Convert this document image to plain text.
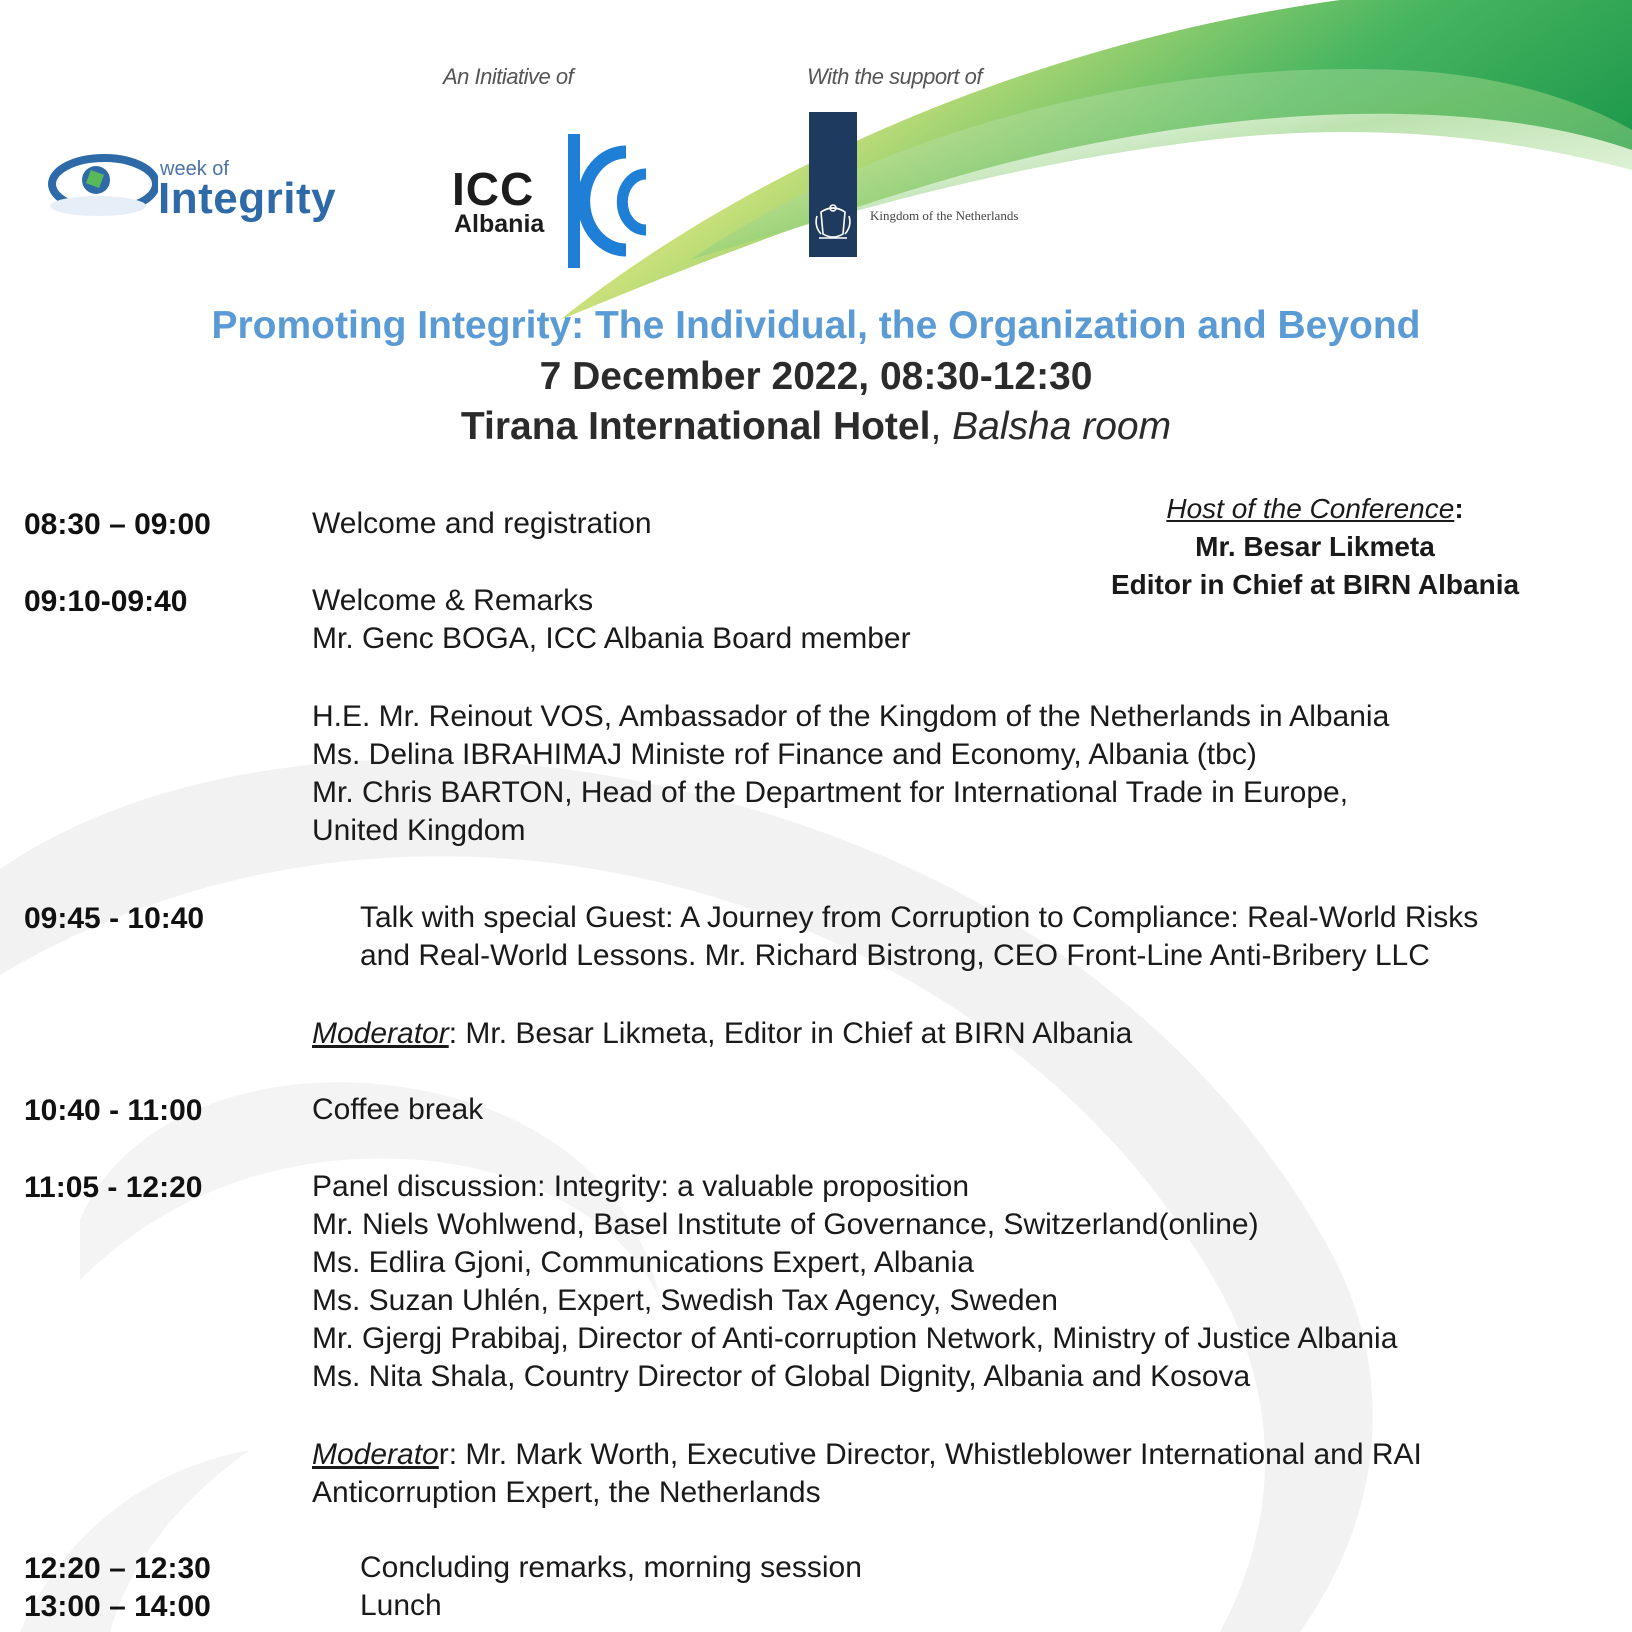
week of
Integrity
An Initiative of
ICC
Albania
With the support of
Kingdom of the Netherlands
Promoting Integrity: The Individual, the Organization and Beyond
7 December 2022, 08:30-12:30
Tirana International Hotel, Balsha room
Host of the Conference:
Mr. Besar Likmeta
Editor in Chief at BIRN Albania
08:30 – 09:00	Welcome and registration
09:10-09:40	Welcome & Remarks
Mr. Genc BOGA, ICC Albania Board member
H.E. Mr. Reinout VOS, Ambassador of the Kingdom of the Netherlands in Albania
Ms. Delina IBRAHIMAJ Ministe rof Finance and Economy, Albania (tbc)
Mr. Chris BARTON, Head of the Department for International Trade in Europe,
United Kingdom
09:45 - 10:40	Talk with special Guest: A Journey from Corruption to Compliance: Real-World Risks
and Real-World Lessons. Mr. Richard Bistrong, CEO Front-Line Anti-Bribery LLC
Moderator: Mr. Besar Likmeta, Editor in Chief at BIRN Albania
10:40 - 11:00	Coffee break
11:05 - 12:20	Panel discussion: Integrity: a valuable proposition
Mr. Niels Wohlwend, Basel Institute of Governance, Switzerland(online)
Ms. Edlira Gjoni, Communications Expert, Albania
Ms. Suzan Uhlén, Expert, Swedish Tax Agency, Sweden
Mr. Gjergj Prabibaj, Director of Anti-corruption Network, Ministry of Justice Albania
Ms. Nita Shala, Country Director of Global Dignity, Albania and Kosova
Moderator: Mr. Mark Worth, Executive Director, Whistleblower International and RAI
Anticorruption Expert, the Netherlands
12:20 – 12:30	Concluding remarks, morning session
13:00 – 14:00	Lunch
